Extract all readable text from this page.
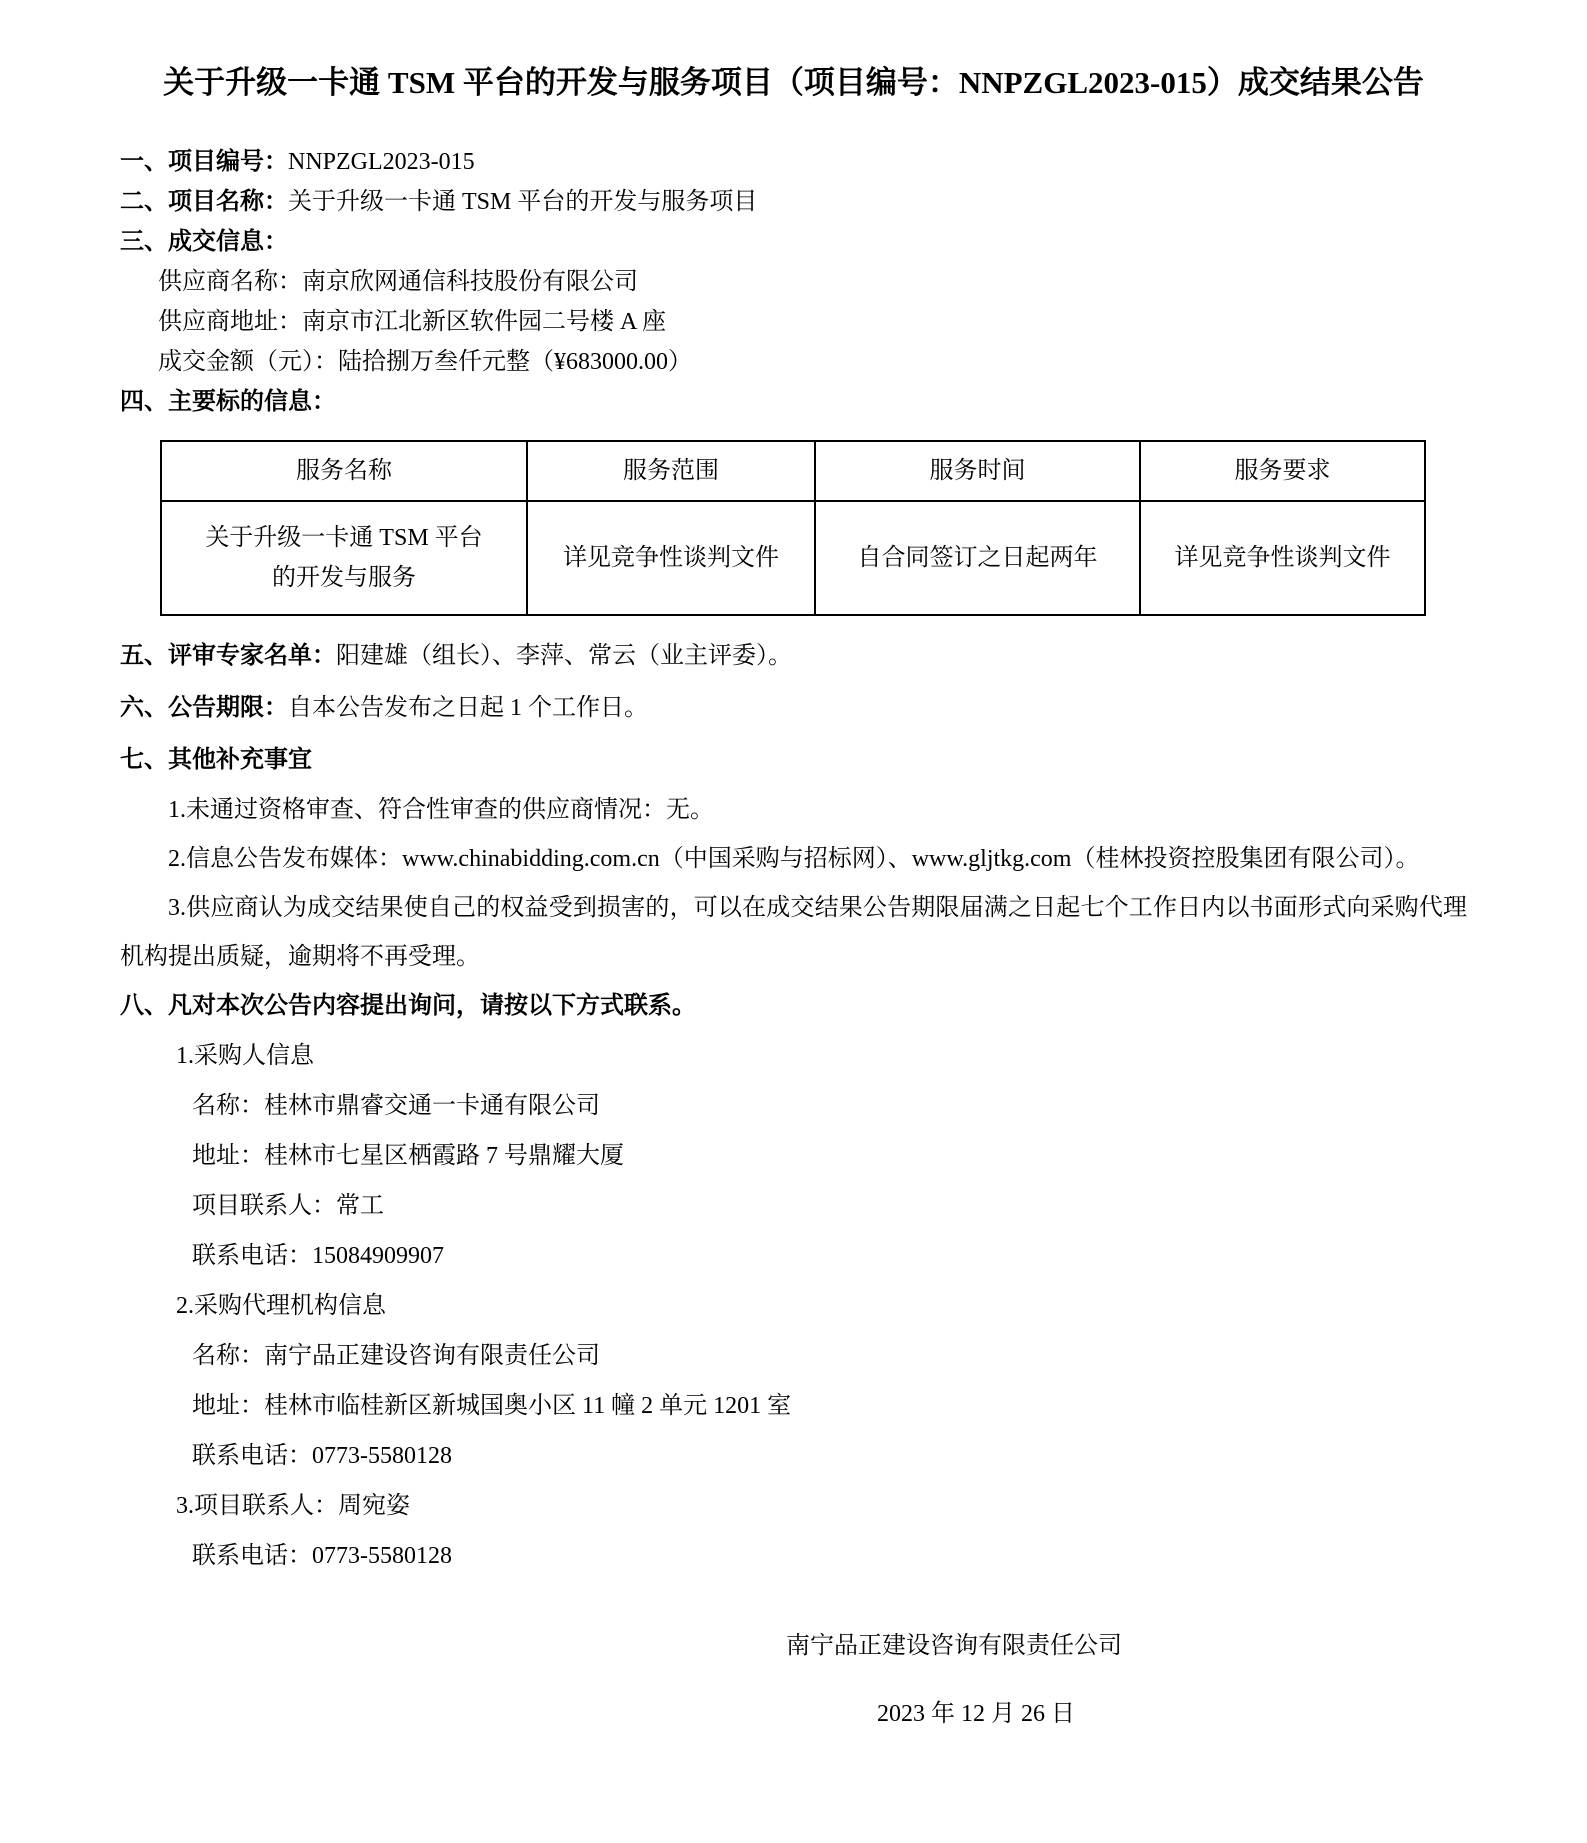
关于升级一卡通 TSM 平台的开发与服务项目（项目编号：NNPZGL2023-015）成交结果公告

一、项目编号：NNPZGL2023-015

二、项目名称：关于升级一卡通 TSM 平台的开发与服务项目

三、成交信息：

供应商名称：南京欣网通信科技股份有限公司

供应商地址：南京市江北新区软件园二号楼 A 座

成交金额（元）：陆拾捌万叁仟元整（¥683000.00）

四、主要标的信息：

服务名称	服务范围	服务时间	服务要求
关于升级一卡通 TSM 平台的开发与服务	详见竞争性谈判文件	自合同签订之日起两年	详见竞争性谈判文件

五、评审专家名单：阳建雄（组长）、李萍、常云（业主评委）。

六、公告期限：自本公告发布之日起 1 个工作日。

七、其他补充事宜

1.未通过资格审查、符合性审查的供应商情况：无。

2.信息公告发布媒体：www.chinabidding.com.cn（中国采购与招标网）、www.gljtkg.com（桂林投资控股集团有限公司）。

3.供应商认为成交结果使自己的权益受到损害的，可以在成交结果公告期限届满之日起七个工作日内以书面形式向采购代理机构提出质疑，逾期将不再受理。

八、凡对本次公告内容提出询问，请按以下方式联系。

1.采购人信息

名称：桂林市鼎睿交通一卡通有限公司

地址：桂林市七星区栖霞路 7 号鼎耀大厦

项目联系人：常工

联系电话：15084909907

2.采购代理机构信息

名称：南宁品正建设咨询有限责任公司

地址：桂林市临桂新区新城国奥小区 11 幢 2 单元 1201 室

联系电话：0773-5580128

3.项目联系人：周宛姿

联系电话：0773-5580128

南宁品正建设咨询有限责任公司

2023 年 12 月 26 日
